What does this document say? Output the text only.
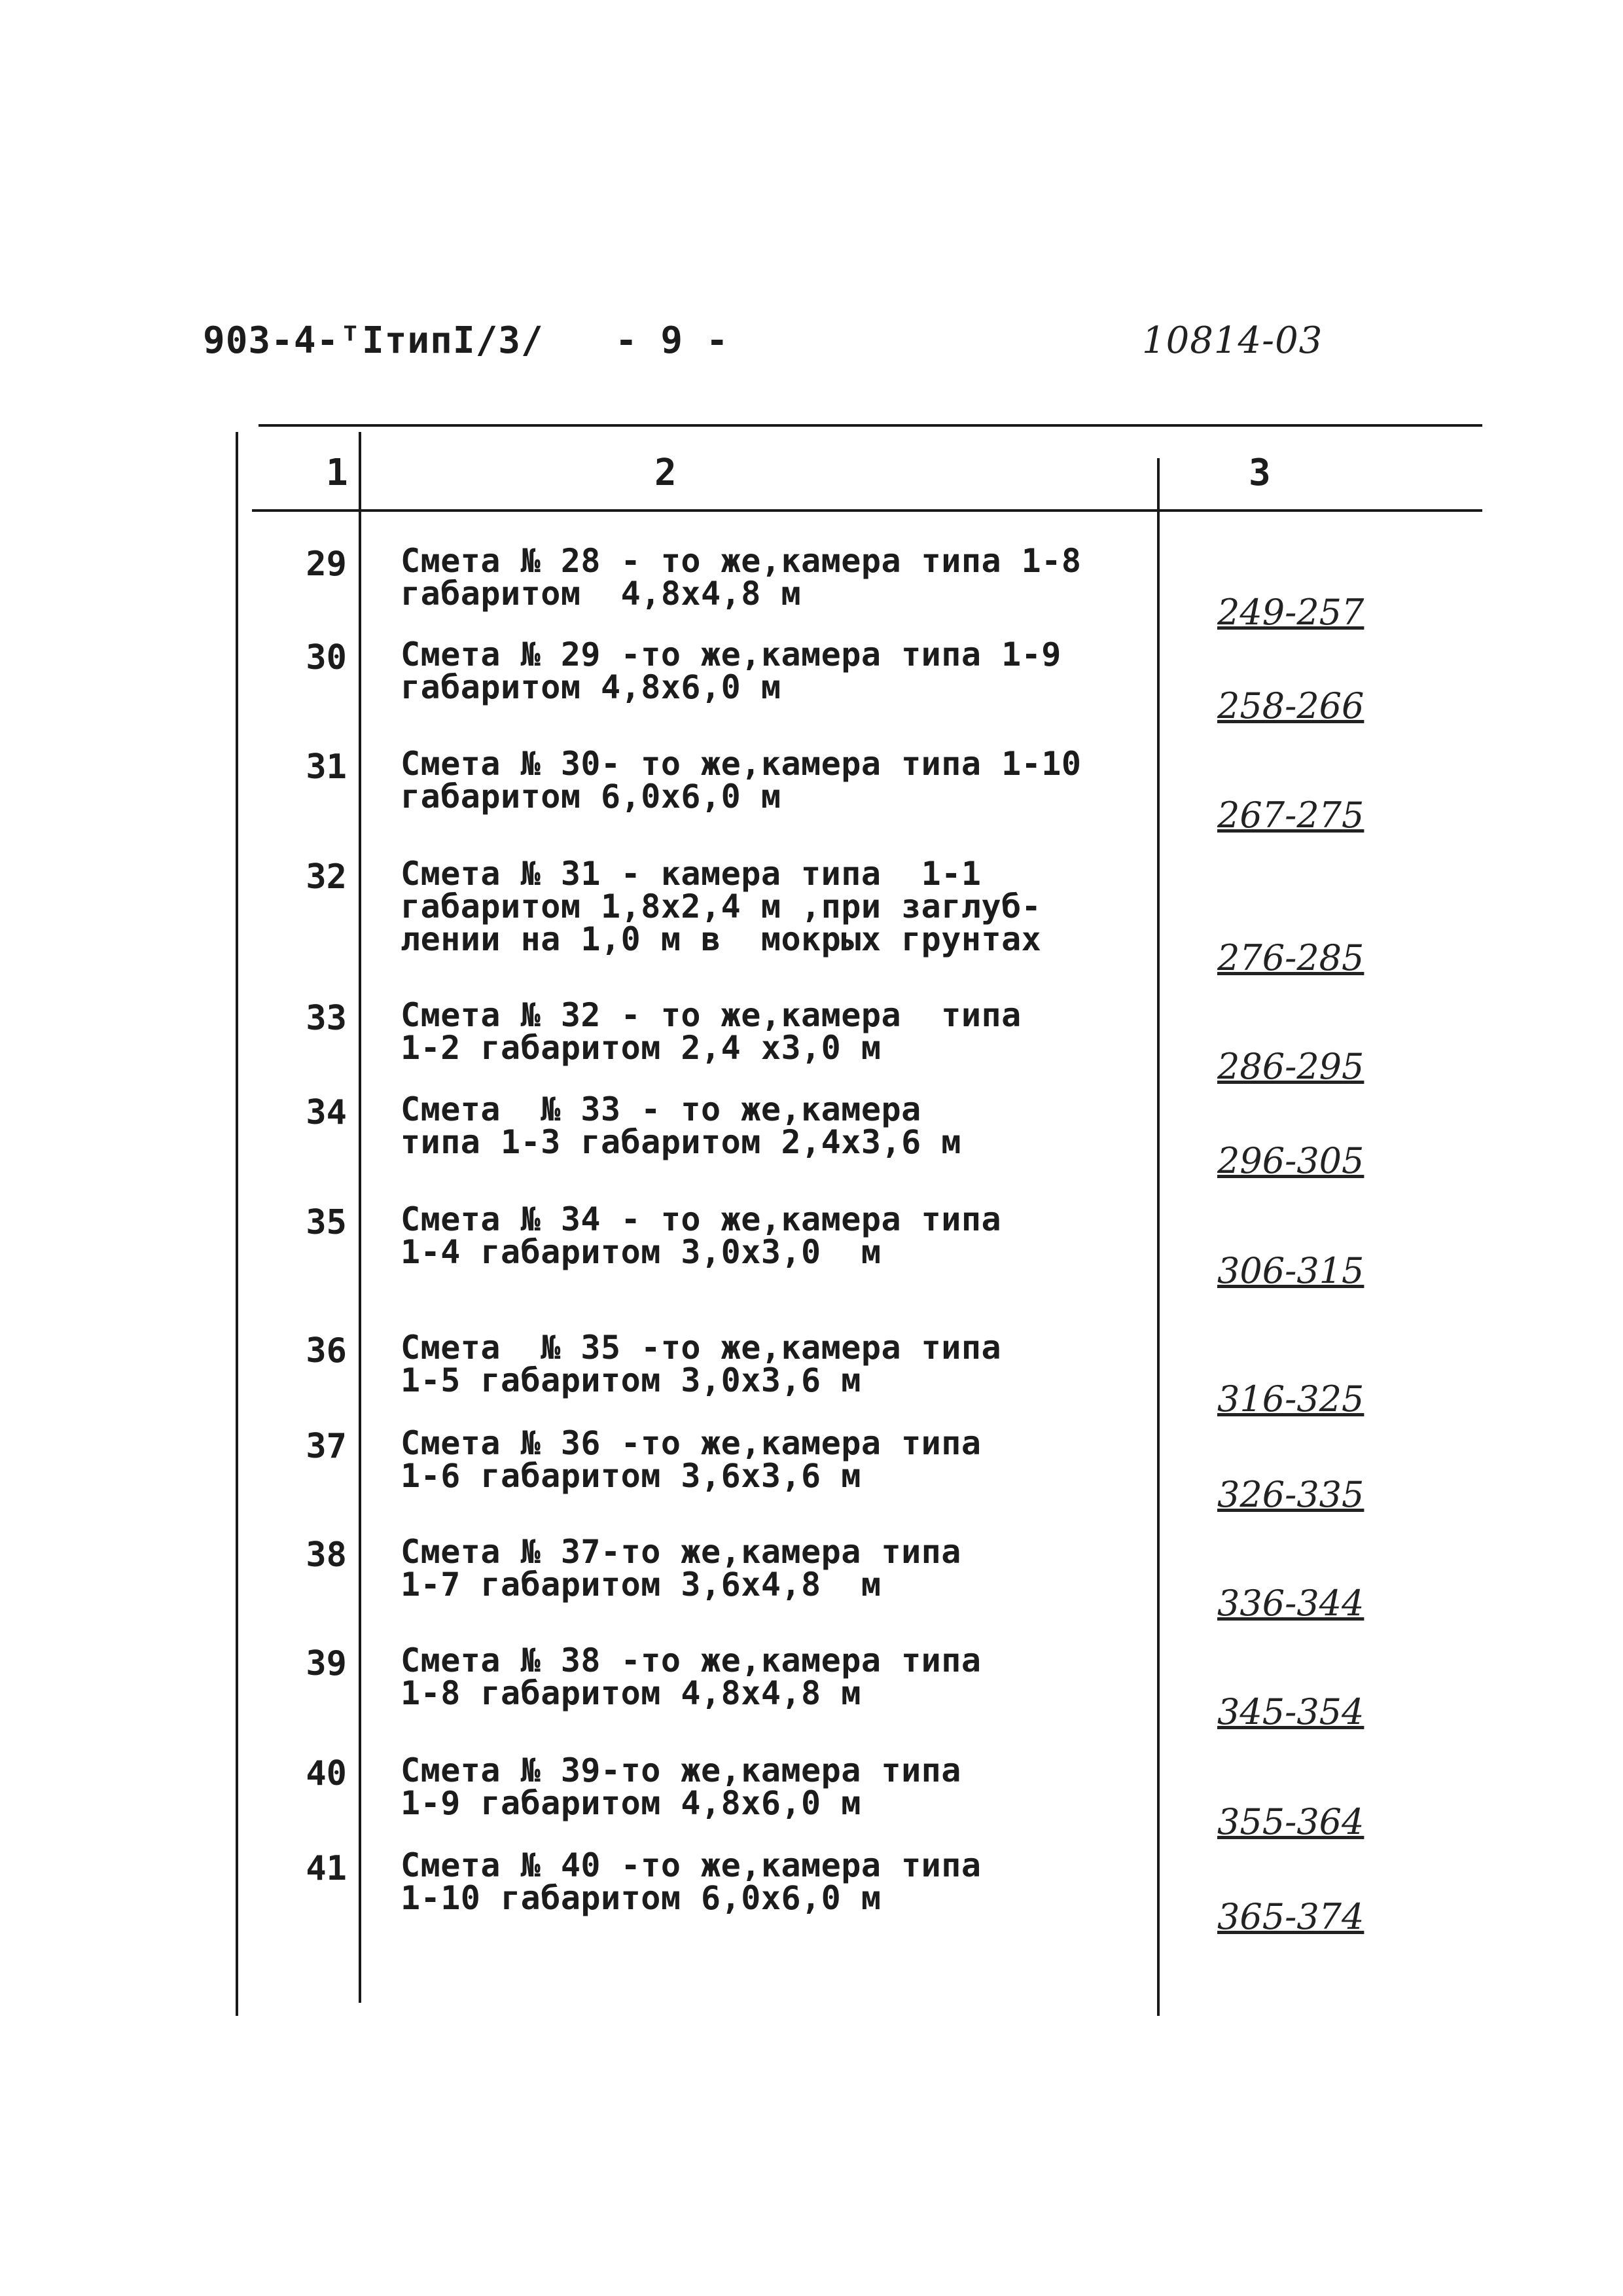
903-4-ᵀIтипI/3/ - 9 -	10814-03
1	2	3
29 Смета № 28 - то же,камера типа 1-8
габаритом  4,8х4,8 м	249-257
30 Смета № 29 -то же,камера типа 1-9
габаритом 4,8х6,0 м	258-266
31 Смета № 30- то же,камера типа 1-10
габаритом 6,0х6,0 м	267-275
32 Смета № 31 - камера типа  1-1
габаритом 1,8х2,4 м ,при заглуб-
лении на 1,0 м в  мокрых грунтах	276-285
33 Смета № 32 - то же,камера  типа
1-2 габаритом 2,4 х3,0 м	286-295
34 Смета  № 33 - то же,камера
типа 1-3 габаритом 2,4х3,6 м	296-305
35 Смета № 34 - то же,камера типа
1-4 габаритом 3,0х3,0  м	306-315
36 Смета  № 35 -то же,камера типа
1-5 габаритом 3,0х3,6 м	316-325
37 Смета № 36 -то же,камера типа
1-6 габаритом 3,6х3,6 м	326-335
38 Смета № 37-то же,камера типа
1-7 габаритом 3,6х4,8  м	336-344
39 Смета № 38 -то же,камера типа
1-8 габаритом 4,8х4,8 м	345-354
40 Смета № 39-то же,камера типа
1-9 габаритом 4,8х6,0 м	355-364
41 Смета № 40 -то же,камера типа
1-10 габаритом 6,0х6,0 м	365-374
